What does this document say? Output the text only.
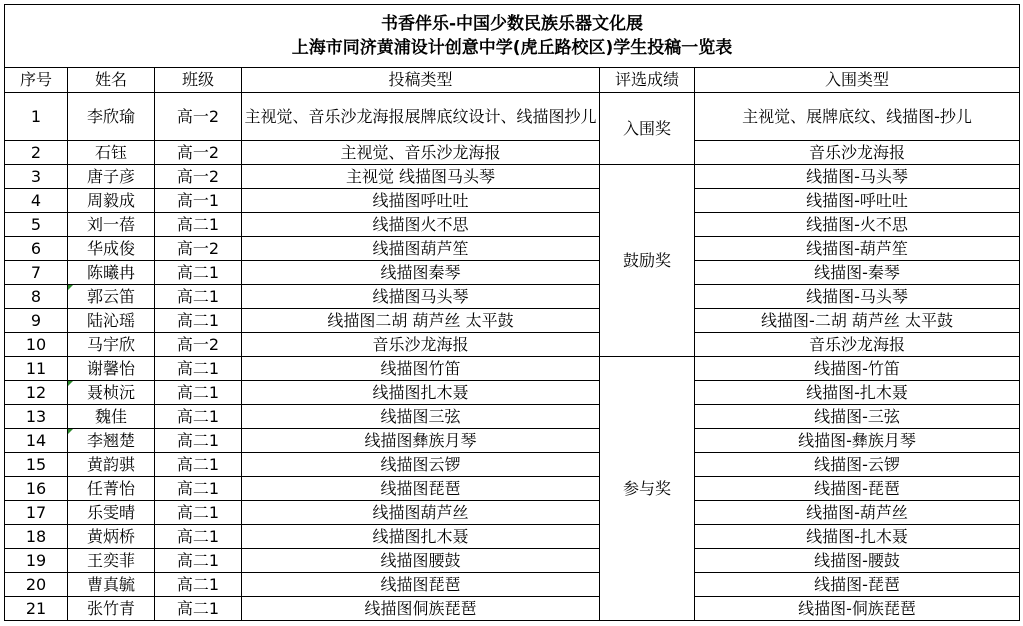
书香伴乐-中国少数民族乐器文化展
上海市同济黄浦设计创意中学(虎丘路校区)学生投稿一览表					

序号	姓名	班级	投稿类型	评选成绩	入围类型
1	李欣瑜	高一2	主视觉、音乐沙龙海报展牌底纹设计、线描图抄儿	入围奖	主视觉、展牌底纹、线描图-抄儿
2	石钰	高一2	主视觉、音乐沙龙海报		音乐沙龙海报
3	唐子彦	高一2	主视觉 线描图马头琴	鼓励奖	线描图-马头琴
4	周毅成	高一1	线描图呼吐吐		线描图-呼吐吐
5	刘一蓓	高二1	线描图火不思		线描图-火不思
6	华成俊	高一2	线描图葫芦笙		线描图-葫芦笙
7	陈曦冉	高二1	线描图秦琴		线描图-秦琴
8	郭云笛	高二1	线描图马头琴		线描图-马头琴
9	陆沁瑶	高二1	线描图二胡 葫芦丝 太平鼓		线描图-二胡 葫芦丝 太平鼓
10	马宇欣	高一2	音乐沙龙海报		音乐沙龙海报
11	谢馨怡	高二1	线描图竹笛	参与奖	线描图-竹笛
12	聂桢沅	高二1	线描图扎木聂		线描图-扎木聂
13	魏佳	高二1	线描图三弦		线描图-三弦
14	李翘楚	高二1	线描图彝族月琴		线描图-彝族月琴
15	黄韵骐	高二1	线描图云锣		线描图-云锣
16	任菁怡	高二1	线描图琵琶		线描图-琵琶
17	乐雯晴	高二1	线描图葫芦丝		线描图-葫芦丝
18	黄炳桥	高二1	线描图扎木聂		线描图-扎木聂
19	王奕菲	高二1	线描图腰鼓		线描图-腰鼓
20	曹真毓	高二1	线描图琵琶		线描图-琵琶
21	张竹青	高二1	线描图侗族琵琶		线描图-侗族琵琶
